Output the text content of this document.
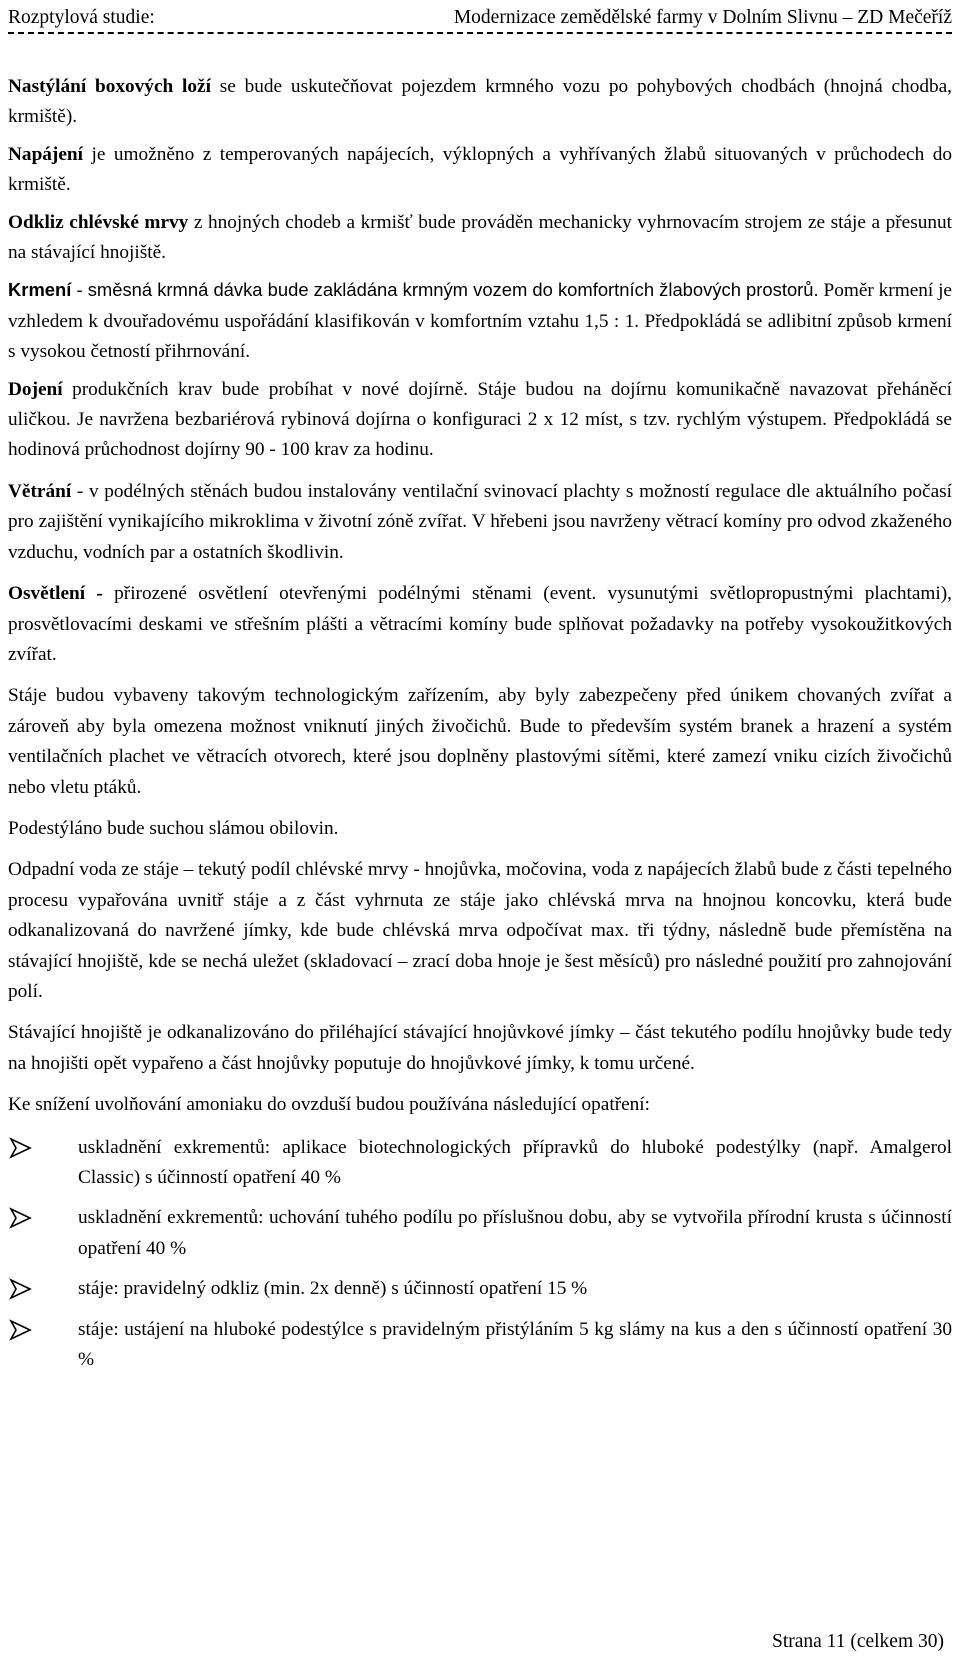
Rozptylová studie:	Modernizace zemědělské farmy v Dolním Slivnu – ZD Mečeříž

Nastýlání boxových loží se bude uskutečňovat pojezdem krmného vozu po pohybových chodbách (hnojná chodba, krmiště).

Napájení je umožněno z temperovaných napájecích, výklopných a vyhřívaných žlabů situovaných v průchodech do krmiště.

Odkliz chlévské mrvy z hnojných chodeb a krmišť bude prováděn mechanicky vyhrnovacím strojem ze stáje a přesunut na stávající hnojiště.

Krmení - směsná krmná dávka bude zakládána krmným vozem do komfortních žlabových prostorů. Poměr krmení je vzhledem k dvouřadovému uspořádání klasifikován v komfortním vztahu 1,5 : 1. Předpokládá se adlibitní způsob krmení s vysokou četností přihrnování.

Dojení produkčních krav bude probíhat v nové dojírně. Stáje budou na dojírnu komunikačně navazovat přeháněcí uličkou. Je navržena bezbariérová rybinová dojírna o konfiguraci 2 x 12 míst, s tzv. rychlým výstupem. Předpokládá se hodinová průchodnost dojírny 90 - 100 krav za hodinu.

Větrání - v podélných stěnách budou instalovány ventilační svinovací plachty s možností regulace dle aktuálního počasí pro zajištění vynikajícího mikroklima v životní zóně zvířat. V hřebeni jsou navrženy větrací komíny pro odvod zkaženého vzduchu, vodních par a ostatních škodlivin.

Osvětlení - přirozené osvětlení otevřenými podélnými stěnami (event. vysunutými světlopropustnými plachtami), prosvětlovacími deskami ve střešním plášti a větracími komíny bude splňovat požadavky na potřeby vysokoužitkových zvířat.

Stáje budou vybaveny takovým technologickým zařízením, aby byly zabezpečeny před únikem chovaných zvířat a zároveň aby byla omezena možnost vniknutí jiných živočichů. Bude to především systém branek a hrazení a systém ventilačních plachet ve větracích otvorech, které jsou doplněny plastovými sítěmi, které zamezí vniku cizích živočichů nebo vletu ptáků.

Podestýláno bude suchou slámou obilovin.

Odpadní voda ze stáje – tekutý podíl chlévské mrvy - hnojůvka, močovina, voda z napájecích žlabů bude z části tepelného procesu vypařována uvnitř stáje a z část vyhrnuta ze stáje jako chlévská mrva na hnojnou koncovku, která bude odkanalizovaná do navržené jímky, kde bude chlévská mrva odpočívat max. tři týdny, následně bude přemístěna na stávající hnojiště, kde se nechá uležet (skladovací – zrací doba hnoje je šest měsíců) pro následné použití pro zahnojování polí.

Stávající hnojiště je odkanalizováno do přiléhající stávající hnojůvkové jímky – část tekutého podílu hnojůvky bude tedy na hnojišti opět vypařeno a část hnojůvky poputuje do hnojůvkové jímky, k tomu určené.

Ke snížení uvolňování amoniaku do ovzduší budou používána následující opatření:

uskladnění exkrementů: aplikace biotechnologických přípravků do hluboké podestýlky (např. Amalgerol Classic) s účinností opatření 40 %
uskladnění exkrementů: uchování tuhého podílu po příslušnou dobu, aby se vytvořila přírodní krusta s účinností opatření 40 %
stáje: pravidelný odkliz (min. 2x denně) s účinností opatření 15 %
stáje: ustájení na hluboké podestýlce s pravidelným přistýláním 5 kg slámy na kus a den s účinností opatření 30 %
Strana 11 (celkem 30)
